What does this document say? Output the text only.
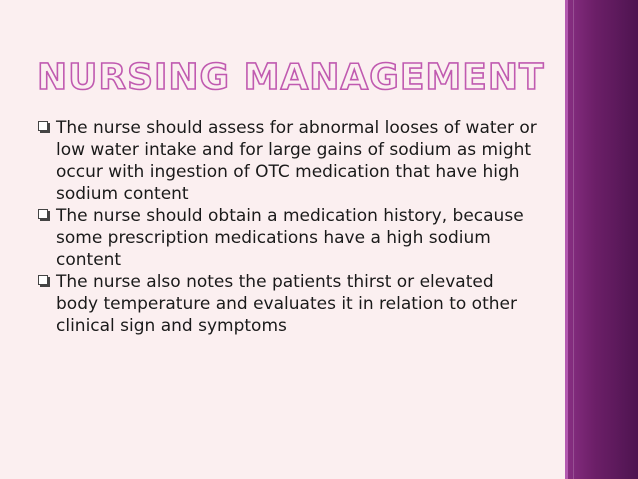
NURSING MANAGEMENT
The nurse should assess for abnormal looses of water or low water intake and for large gains of sodium as might occur with ingestion of OTC medication that have high sodium content
The nurse should obtain a medication history, because some prescription medications have a high sodium content
The nurse also notes the patients thirst or elevated body temperature and evaluates it in relation to other clinical sign and symptoms
